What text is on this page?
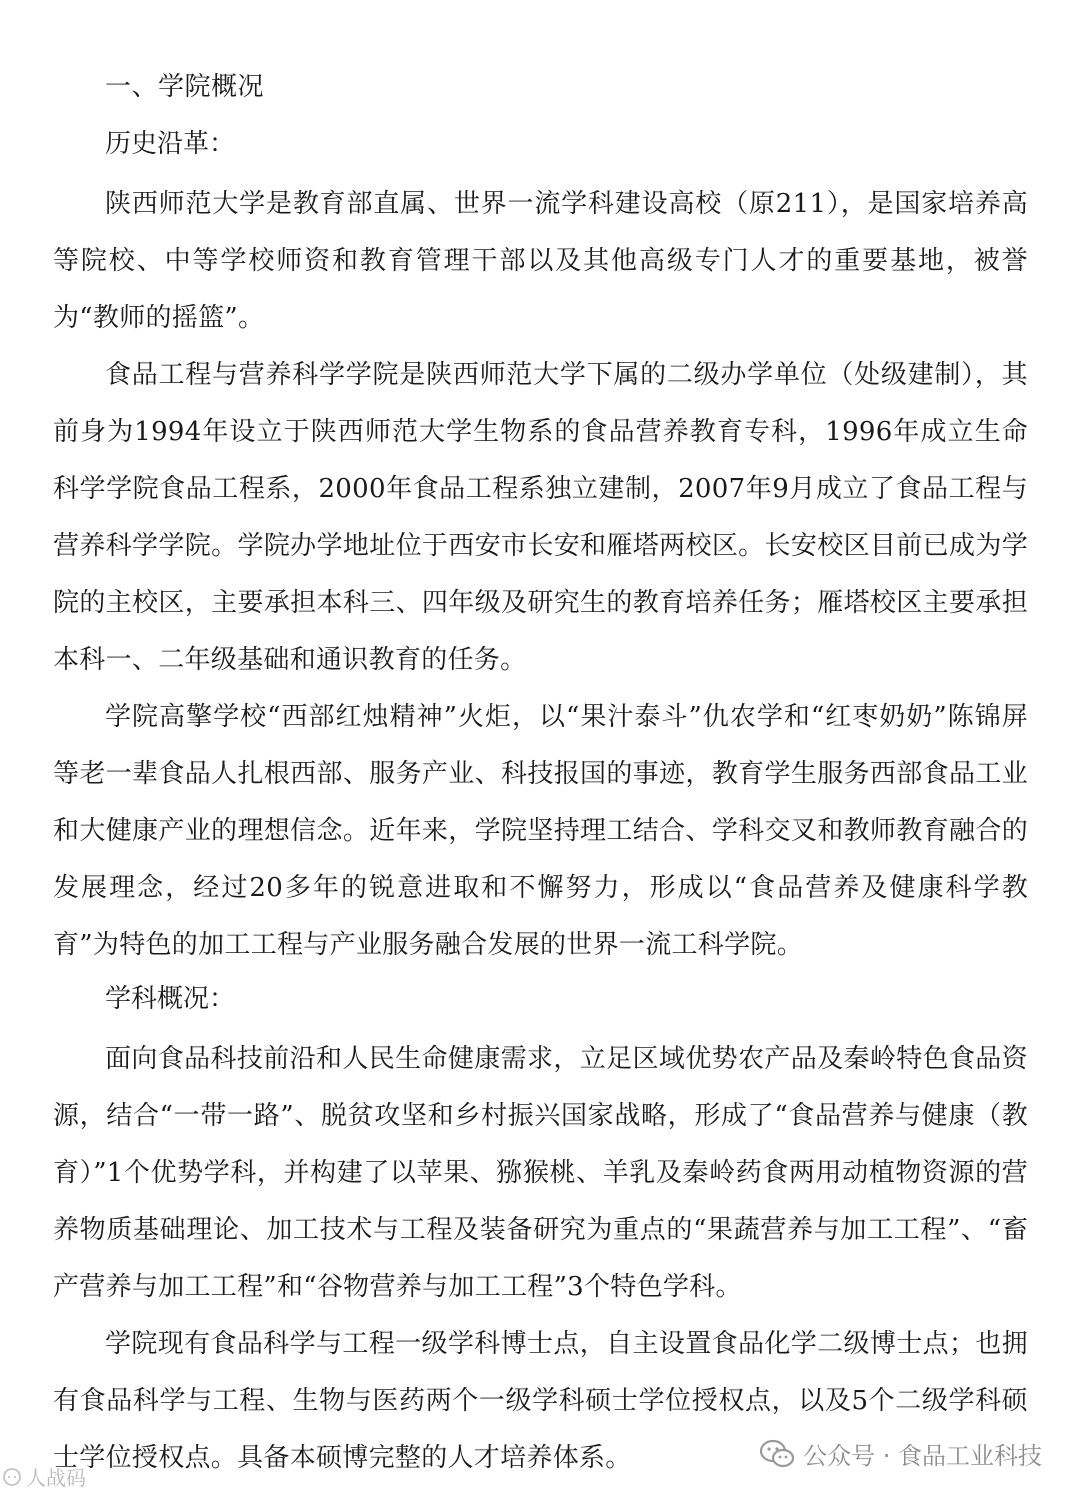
一、学院概况

历史沿革：

陕西师范大学是教育部直属、世界一流学科建设高校（原211），是国家培养高等院校、中等学校师资和教育管理干部以及其他高级专门人才的重要基地，被誉为“教师的摇篮”。

食品工程与营养科学学院是陕西师范大学下属的二级办学单位（处级建制），其前身为1994年设立于陕西师范大学生物系的食品营养教育专科，1996年成立生命科学学院食品工程系，2000年食品工程系独立建制，2007年9月成立了食品工程与营养科学学院。学院办学地址位于西安市长安和雁塔两校区。长安校区目前已成为学院的主校区，主要承担本科三、四年级及研究生的教育培养任务；雁塔校区主要承担本科一、二年级基础和通识教育的任务。

学院高擎学校“西部红烛精神”火炬，以“果汁泰斗”仇农学和“红枣奶奶”陈锦屏等老一辈食品人扎根西部、服务产业、科技报国的事迹，教育学生服务西部食品工业和大健康产业的理想信念。近年来，学院坚持理工结合、学科交叉和教师教育融合的发展理念，经过20多年的锐意进取和不懈努力，形成以“食品营养及健康科学教育”为特色的加工工程与产业服务融合发展的世界一流工科学院。

学科概况：

面向食品科技前沿和人民生命健康需求，立足区域优势农产品及秦岭特色食品资源，结合“一带一路”、脱贫攻坚和乡村振兴国家战略，形成了“食品营养与健康（教育）”1个优势学科，并构建了以苹果、猕猴桃、羊乳及秦岭药食两用动植物资源的营养物质基础理论、加工技术与工程及装备研究为重点的“果蔬营养与加工工程”、“畜产营养与加工工程”和“谷物营养与加工工程”3个特色学科。

学院现有食品科学与工程一级学科博士点，自主设置食品化学二级博士点；也拥有食品科学与工程、生物与医药两个一级学科硕士学位授权点，以及5个二级学科硕士学位授权点。具备本硕博完整的人才培养体系。	公众号 · 食品工业科技
人战码
